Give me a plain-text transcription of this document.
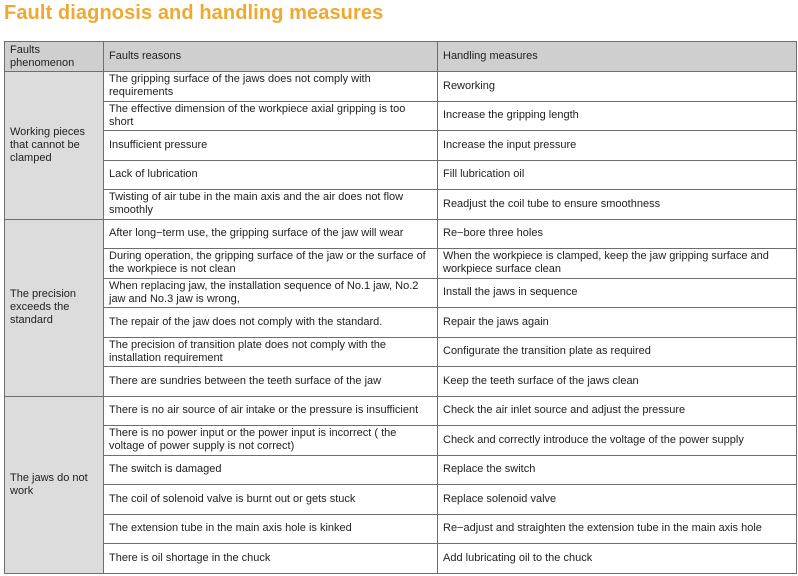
Fault diagnosis and handling measures
Faults phenomenon	Faults reasons	Handling measures

Working pieces that cannot be clamped	The gripping surface of the jaws does not comply with requirements	Reworking

	The effective dimension of the workpiece axial gripping is too short	Increase the gripping length

	Insufficient pressure	Increase the input pressure

	Lack of lubrication	Fill lubrication oil

	Twisting of air tube in the main axis and the air does not flow smoothly	Readjust the coil tube to ensure smoothness

The precision exceeds the standard	After long−term use, the gripping surface of the jaw will wear	Re−bore three holes

	During operation, the gripping surface of the jaw or the surface of the workpiece is not clean	When the workpiece is clamped, keep the jaw gripping surface and workpiece surface clean

	When replacing jaw, the installation sequence of No.1 jaw, No.2 jaw and No.3 jaw is wrong,	Install the jaws in sequence

	The repair of the jaw does not comply with the standard.	Repair the jaws again

	The precision of transition plate does not comply with the installation requirement	Configurate the transition plate as required

	There are sundries between the teeth surface of the jaw	Keep the teeth surface of the jaws clean

The jaws do not work	There is no air source of air intake or the pressure is insufficient	Check the air inlet source and adjust the pressure

	There is no power input or the power input is incorrect ( the voltage of power supply is not correct)	Check and correctly introduce the voltage of the power supply

	The switch is damaged	Replace the switch

	The coil of solenoid valve is burnt out or gets stuck	Replace solenoid valve

	The extension tube in the main axis hole is kinked	Re−adjust and straighten the extension tube in the main axis hole

	There is oil shortage in the chuck	Add lubricating oil to the chuck
